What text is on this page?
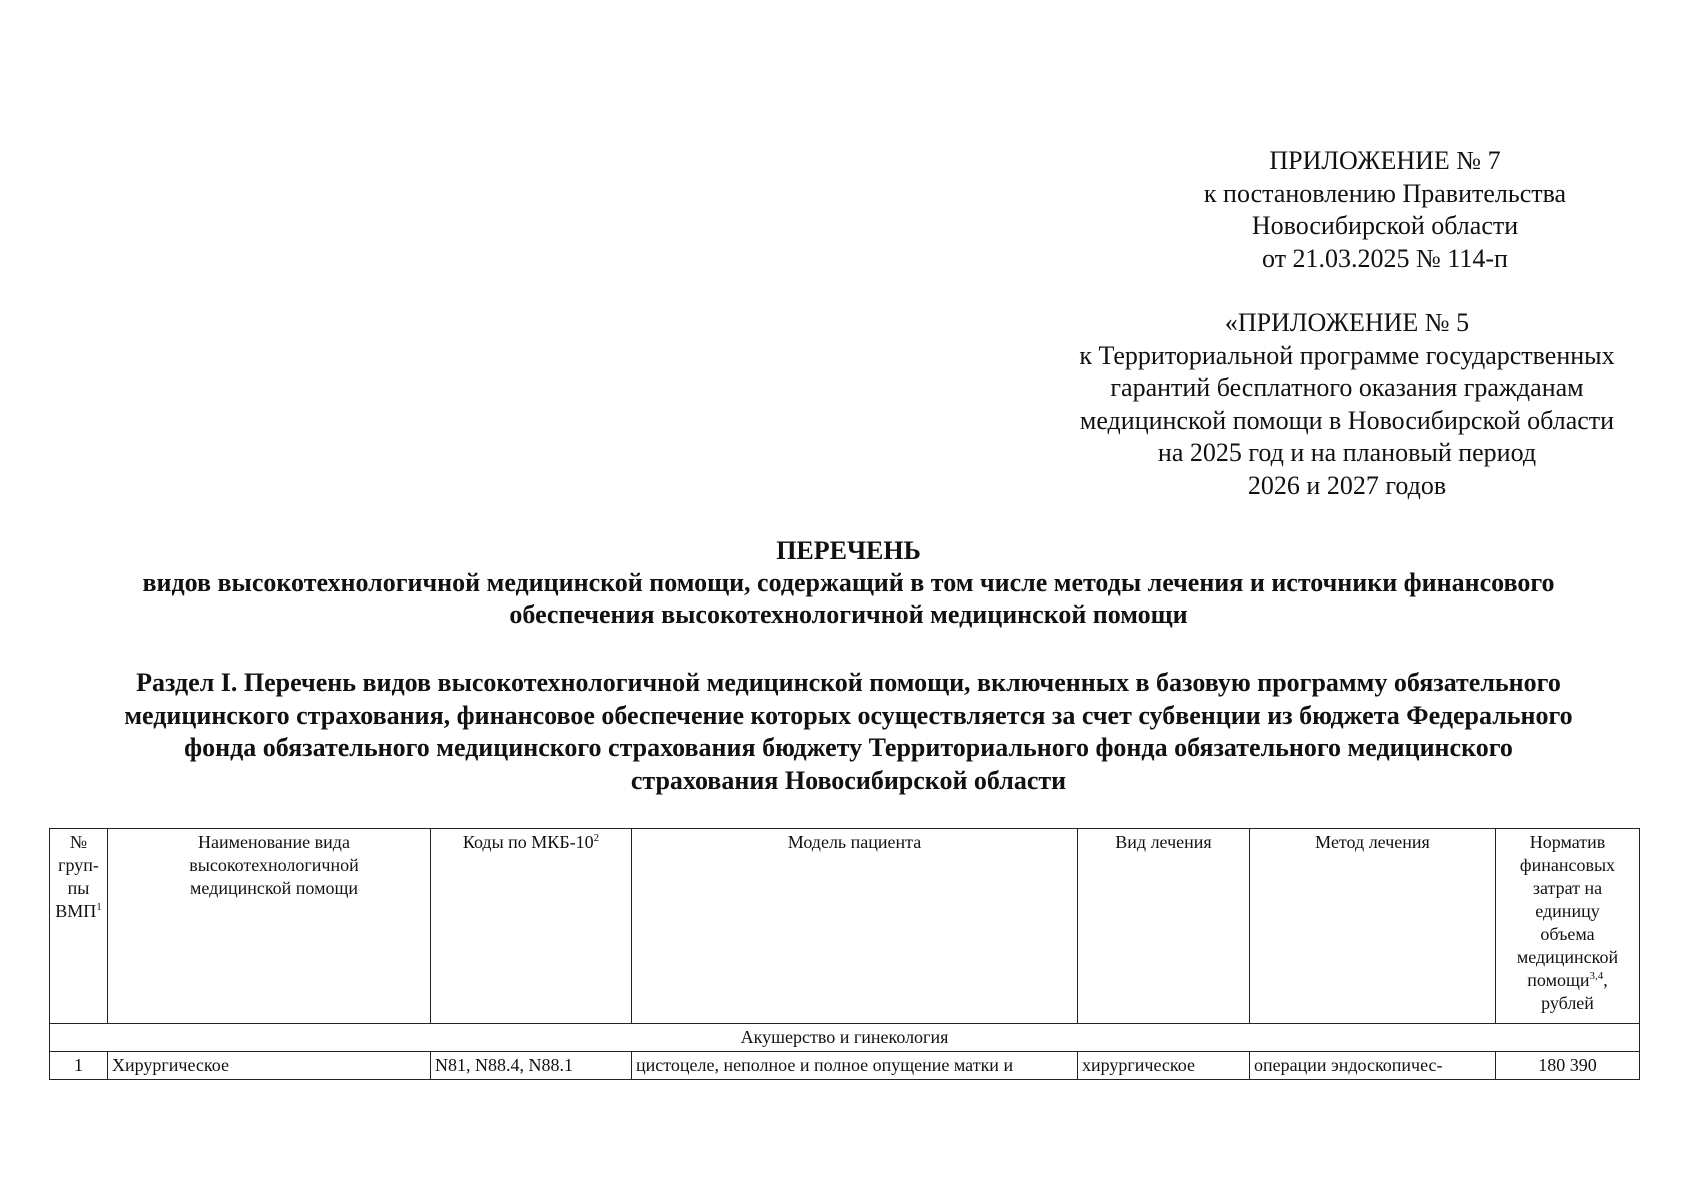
ПРИЛОЖЕНИЕ № 7
к постановлению Правительства
Новосибирской области
от 21.03.2025 № 114-п
«ПРИЛОЖЕНИЕ № 5
к Территориальной программе государственных
гарантий бесплатного оказания гражданам
медицинской помощи в Новосибирской области
на 2025 год и на плановый период
2026 и 2027 годов
ПЕРЕЧЕНЬ
видов высокотехнологичной медицинской помощи, содержащий в том числе методы лечения и источники финансового
обеспечения высокотехнологичной медицинской помощи
Раздел I. Перечень видов высокотехнологичной медицинской помощи, включенных в базовую программу обязательного
медицинского страхования, финансовое обеспечение которых осуществляется за счет субвенции из бюджета Федерального
фонда обязательного медицинского страхования бюджету Территориального фонда обязательного медицинского
страхования Новосибирской области
№ груп-пы ВМП$^1$	Наименование вида высокотехнологичной медицинской помощи	Коды по МКБ-$10^2$	Модель пациента	Вид лечения	Метод лечения	Норматив финансовых затрат на единицу объема медицинской помощи$^{3,4}$, рублей
Акушерство и гинекология						
1	Хирургическое	N81, N88.4, N88.1	цистоцеле, неполное и полное опущение матки и	хирургическое	операции эндоскопичес-	180 390
